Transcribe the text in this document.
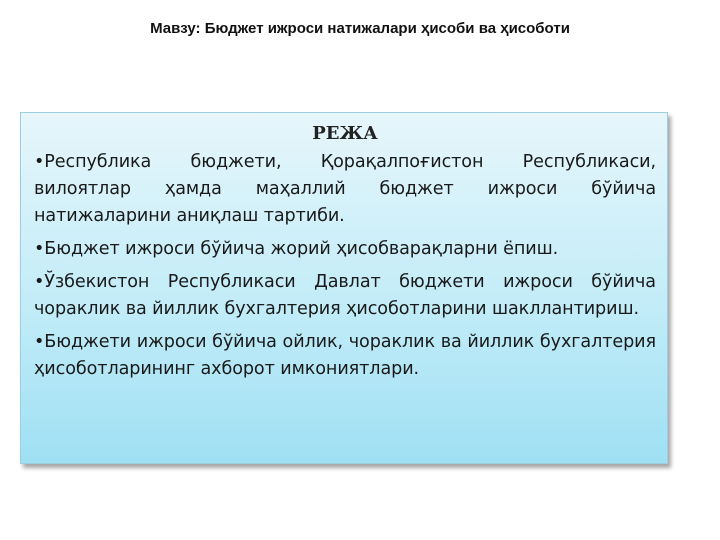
Мавзу: Бюджет ижроси натижалари ҳисоби ва ҳисоботи
РЕЖА
•Республика бюджети, Қорақалпоғистон Республикаси, вилоятлар ҳамда маҳаллий бюджет ижроси бўйича натижаларини аниқлаш тартиби.
•Бюджет ижроси бўйича жорий ҳисобварақларни ёпиш.
•Ўзбекистон Республикаси Давлат бюджети ижроси бўйича чораклик ва йиллик бухгалтерия ҳисоботларини шакллантириш.
•Бюджети ижроси бўйича ойлик, чораклик ва йиллик бухгалтерия ҳисоботларининг ахборот имкониятлари.
